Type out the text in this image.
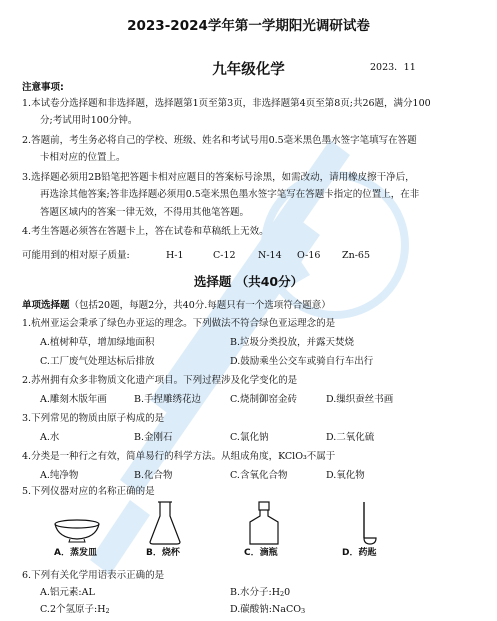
2023-2024学年第一学期阳光调研试卷
九年级化学	2023．11
注意事项:
1.本试卷分选择题和非选择题，选择题第1页至第3页，非选择题第4页至第8页;共26题，满分100
分;考试用时100分钟。
2.答题前，考生务必将自己的学校、班级、姓名和考试号用0.5毫米黑色墨水签字笔填写在答题
卡相对应的位置上。
3.选择题必须用2B铅笔把答题卡相对应题目的答案标号涂黑，如需改动，请用橡皮擦干净后，
再选涂其他答案;答非选择题必须用0.5毫米黑色墨水签字笔写在答题卡指定的位置上，在非
答题区域内的答案一律无效，不得用其他笔答题。
4.考生答题必须答在答题卡上，答在试卷和草稿纸上无效。
可能用到的相对原子质量:	H-1	C-12 N-14 O-16 Zn-65
选择题 （共40分）
单项选择题（包括20题，每题2分，共40分.每题只有一个选项符合题意）
1.杭州亚运会秉承了绿色办亚运的理念。下列做法不符合绿色亚运理念的是
A.植树种草，增加绿地面积	B.垃圾分类投放，并露天焚烧
C.工厂废气处理达标后排放	D.鼓励乘坐公交车或骑自行车出行
2.苏州拥有众多非物质文化遗产项目。下列过程涉及化学变化的是
A.雕刻木版年画	B.手捏雕绣花边	C.烧制御窑金砖	D.缫织蚕丝书画
3.下列常见的物质由原子构成的是
A.水	B.金刚石	C.氯化钠	D.二氧化硫
4.分类是一种行之有效，简单易行的科学方法。从组成角度，KClO₃不属于
A.纯净物	B.化合物	C.含氧化合物	D.氧化物
5.下列仪器对应的名称正确的是
A．蒸发皿	B．烧杯	C．滴瓶	D．药匙
6.下列有关化学用语表示正确的是
A.铝元素:AL	B.水分子$:H_20$
C.2个氢原子$:H_2$	D.碳酸钠:NaCO$_3$
